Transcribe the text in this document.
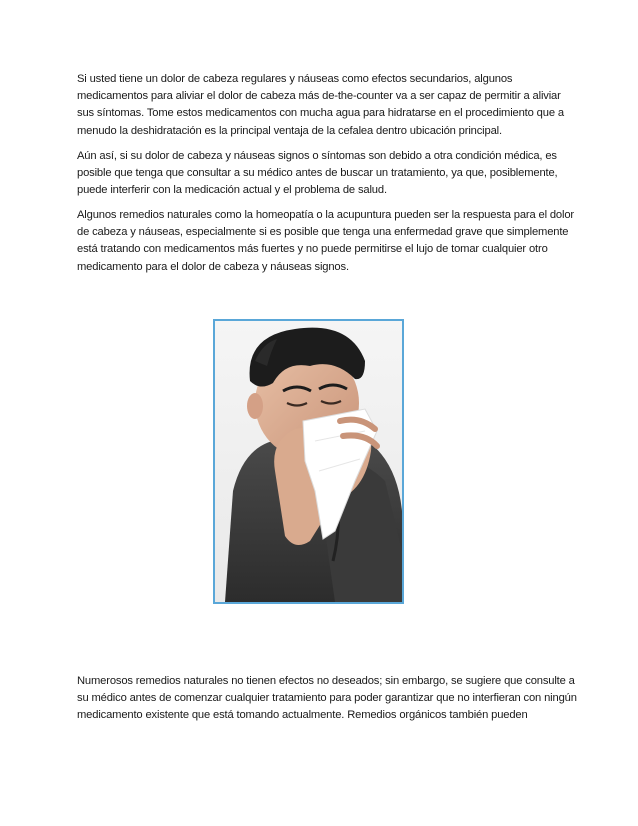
Si usted tiene un dolor de cabeza regulares y náuseas como efectos secundarios, algunos medicamentos para aliviar el dolor de cabeza más de-the-counter va a ser capaz de permitir a aliviar sus síntomas. Tome estos medicamentos con mucha agua para hidratarse en el procedimiento que a menudo la deshidratación es la principal ventaja de la cefalea dentro ubicación principal.

Aún así, si su dolor de cabeza y náuseas signos o síntomas son debido a otra condición médica, es posible que tenga que consultar a su médico antes de buscar un tratamiento, ya que, posiblemente, puede interferir con la medicación actual y el problema de salud.

Algunos remedios naturales como la homeopatía o la acupuntura pueden ser la respuesta para el dolor de cabeza y náuseas, especialmente si es posible que tenga una enfermedad grave que simplemente está tratando con medicamentos más fuertes y no puede permitirse el lujo de tomar cualquier otro medicamento para el dolor de cabeza y náuseas signos.

Numerosos remedios naturales no tienen efectos no deseados; sin embargo, se sugiere que consulte a su médico antes de comenzar cualquier tratamiento para poder garantizar que no interfieran con ningún medicamento existente que está tomando actualmente. Remedios orgánicos también pueden
